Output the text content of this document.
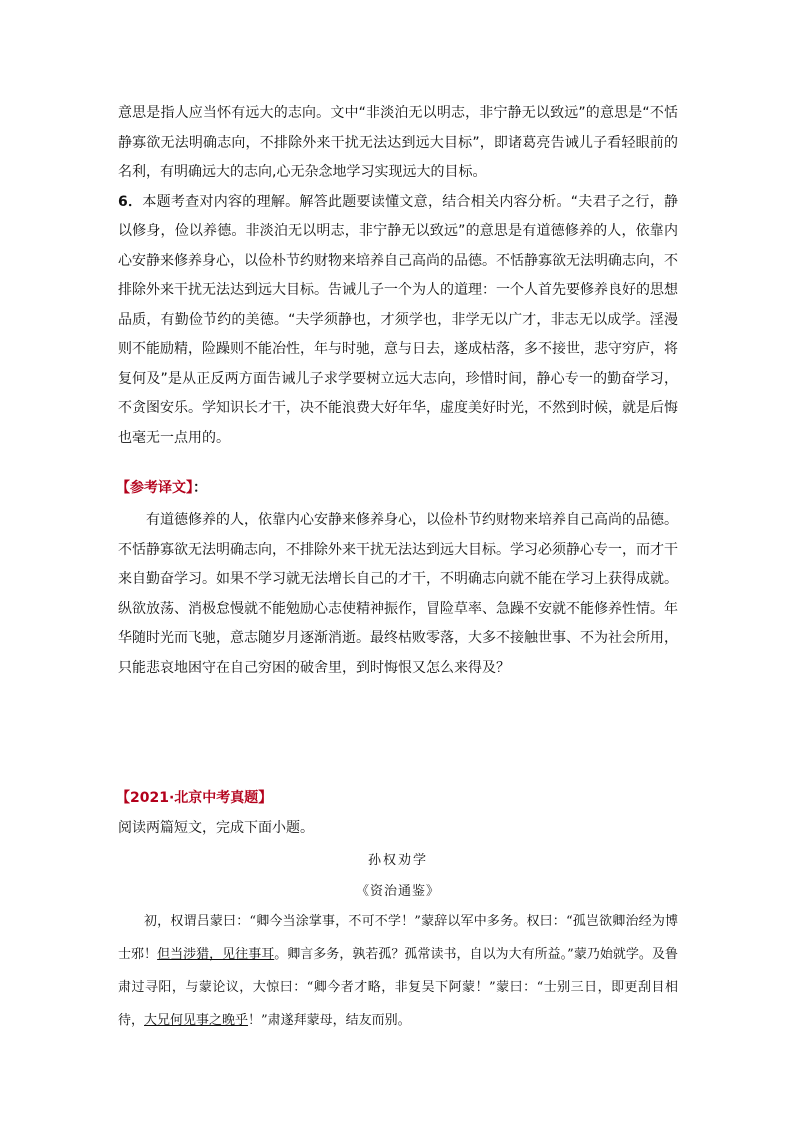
意思是指人应当怀有远大的志向。文中“非淡泊无以明志，非宁静无以致远”的意思是“不恬静寡欲无法明确志向，不排除外来干扰无法达到远大目标”，即诸葛亮告诫儿子看轻眼前的名利，有明确远大的志向,心无杂念地学习实现远大的目标。

6．本题考查对内容的理解。解答此题要读懂文意，结合相关内容分析。“夫君子之行，静以修身，俭以养德。非淡泊无以明志，非宁静无以致远”的意思是有道德修养的人，依靠内心安静来修养身心，以俭朴节约财物来培养自己高尚的品德。不恬静寡欲无法明确志向，不排除外来干扰无法达到远大目标。告诫儿子一个为人的道理：一个人首先要修养良好的思想品质，有勤俭节约的美德。“夫学须静也，才须学也，非学无以广才，非志无以成学。淫漫则不能励精，险躁则不能冶性，年与时驰，意与日去，遂成枯落，多不接世，悲守穷庐，将复何及”是从正反两方面告诫儿子求学要树立远大志向，珍惜时间，静心专一的勤奋学习，不贪图安乐。学知识长才干，决不能浪费大好年华，虚度美好时光，不然到时候，就是后悔也毫无一点用的。

【参考译文】：

有道德修养的人，依靠内心安静来修养身心，以俭朴节约财物来培养自己高尚的品德。不恬静寡欲无法明确志向，不排除外来干扰无法达到远大目标。学习必须静心专一，而才干来自勤奋学习。如果不学习就无法增长自己的才干，不明确志向就不能在学习上获得成就。纵欲放荡、消极怠慢就不能勉励心志使精神振作，冒险草率、急躁不安就不能修养性情。年华随时光而飞驰，意志随岁月逐渐消逝。最终枯败零落，大多不接触世事、不为社会所用，只能悲哀地困守在自己穷困的破舍里，到时悔恨又怎么来得及？

【2021·北京中考真题】
阅读两篇短文，完成下面小题。
孙权劝学
《资治通鉴》

初，权谓吕蒙曰：“卿今当涂掌事，不可不学！”蒙辞以军中多务。权曰：“孤岂欲卿治经为博士邪！但当涉猎，见往事耳。卿言多务，孰若孤？孤常读书，自以为大有所益。”蒙乃始就学。及鲁肃过寻阳，与蒙论议，大惊曰：“卿今者才略，非复吴下阿蒙！”蒙曰：“士别三日，即更刮目相待，大兄何见事之晚乎！”肃遂拜蒙母，结友而别。
